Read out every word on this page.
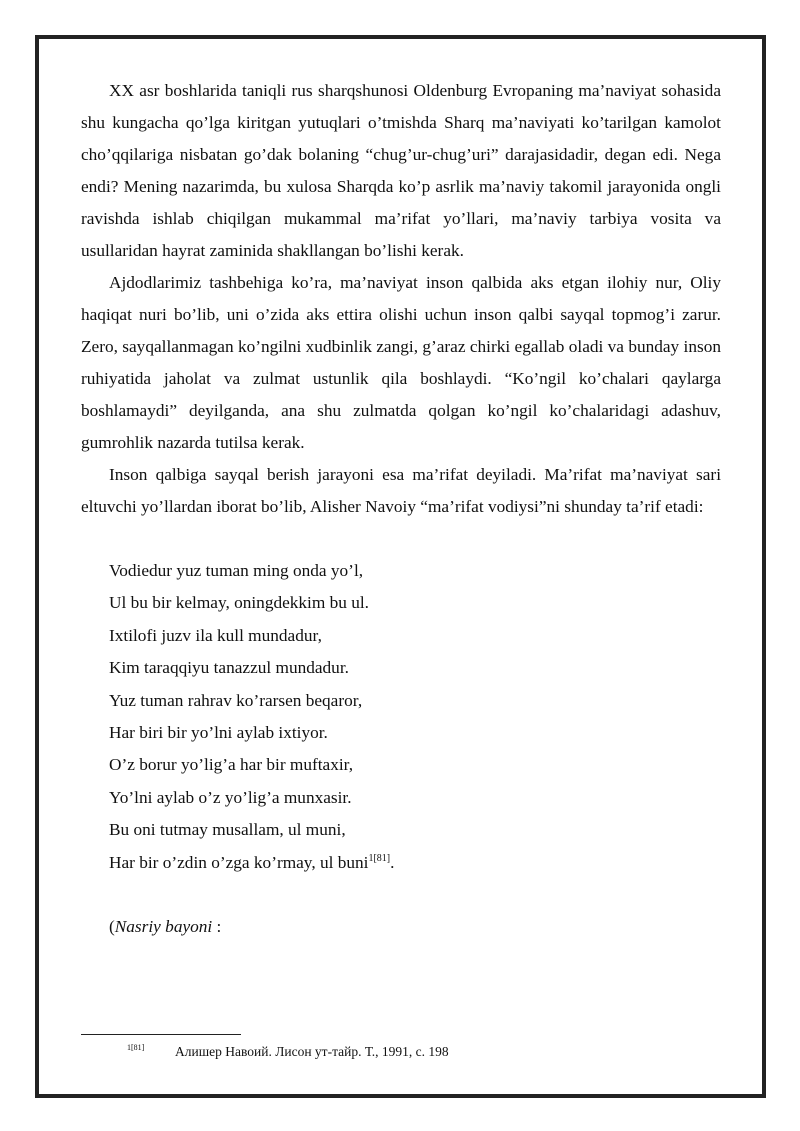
XX asr boshlarida taniqli rus sharqshunosi Oldenburg Evropaning ma’naviyat sohasida shu kungacha qo’lga kiritgan yutuqlari o’tmishda Sharq ma’naviyati ko’tarilgan kamolot cho’qqilariga nisbatan go’dak bolaning “chug’ur-chug’uri” darajasidadir, degan edi. Nega endi? Mening nazarimda, bu xulosa Sharqda ko’p asrlik ma’naviy takomil jarayonida ongli ravishda ishlab chiqilgan mukammal ma’rifat yo’llari, ma’naviy tarbiya vosita va usullaridan hayrat zaminida shakllangan bo’lishi kerak.

Ajdodlarimiz tashbehiga ko’ra, ma’naviyat inson qalbida aks etgan ilohiy nur, Oliy haqiqat nuri bo’lib, uni o’zida aks ettira olishi uchun inson qalbi sayqal topmog’i zarur. Zero, sayqallanmagan ko’ngilni xudbinlik zangi, g’araz chirki egallab oladi va bunday inson ruhiyatida jaholat va zulmat ustunlik qila boshlaydi. “Ko’ngil ko’chalari qaylarga boshlamaydi” deyilganda, ana shu zulmatda qolgan ko’ngil ko’chalaridagi adashuv, gumrohlik nazarda tutilsa kerak.

Inson qalbiga sayqal berish jarayoni esa ma’rifat deyiladi. Ma’rifat ma’naviyat sari eltuvchi yo’llardan iborat bo’lib, Alisher Navoiy “ma’rifat vodiysi”ni shunday ta’rif etadi:

Vodiedur yuz tuman ming onda yo’l,

Ul bu bir kelmay, oningdekkim bu ul.

Ixtilofi juzv ila kull mundadur,

Kim taraqqiyu tanazzul mundadur.

Yuz tuman rahrav ko’rarsen beqaror,

Har biri bir yo’lni aylab ixtiyor.

O’z borur yo’lig’a har bir muftaxir,

Yo’lni aylab o’z yo’lig’a munxasir.

Bu oni tutmay musallam, ul muni,

Har bir o’zdin o’zga ko’rmay, ul buni$^{1[81]}$.

(Nasriy bayoni :
1[81] Алишер Навоий. Лисон ут-тайр. Т., 1991, с. 198
